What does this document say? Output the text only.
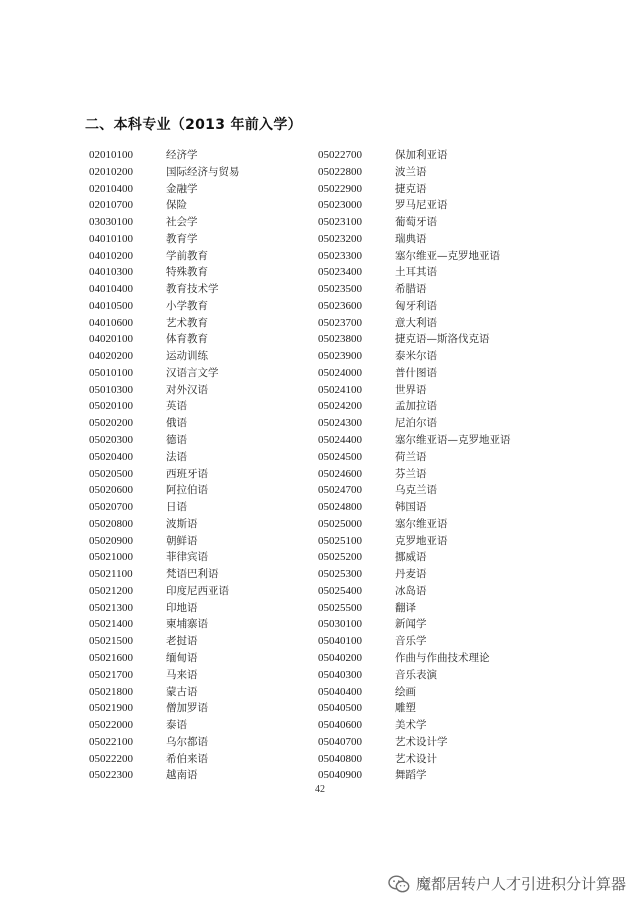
二、本科专业（2013 年前入学）
02010100	经济学
02010200	国际经济与贸易
02010400	金融学
02010700	保险
03030100	社会学
04010100	教育学
04010200	学前教育
04010300	特殊教育
04010400	教育技术学
04010500	小学教育
04010600	艺术教育
04020100	体育教育
04020200	运动训练
05010100	汉语言文学
05010300	对外汉语
05020100	英语
05020200	俄语
05020300	德语
05020400	法语
05020500	西班牙语
05020600	阿拉伯语
05020700	日语
05020800	波斯语
05020900	朝鲜语
05021000	菲律宾语
05021100	梵语巴利语
05021200	印度尼西亚语
05021300	印地语
05021400	柬埔寨语
05021500	老挝语
05021600	缅甸语
05021700	马来语
05021800	蒙古语
05021900	僧加罗语
05022000	泰语
05022100	乌尔都语
05022200	希伯来语
05022300	越南语
05022700	保加利亚语
05022800	波兰语
05022900	捷克语
05023000	罗马尼亚语
05023100	葡萄牙语
05023200	瑞典语
05023300	塞尔维亚—克罗地亚语
05023400	土耳其语
05023500	希腊语
05023600	匈牙利语
05023700	意大利语
05023800	捷克语—斯洛伐克语
05023900	泰米尔语
05024000	普什图语
05024100	世界语
05024200	孟加拉语
05024300	尼泊尔语
05024400	塞尔维亚语—克罗地亚语
05024500	荷兰语
05024600	芬兰语
05024700	乌克兰语
05024800	韩国语
05025000	塞尔维亚语
05025100	克罗地亚语
05025200	挪威语
05025300	丹麦语
05025400	冰岛语
05025500	翻译
05030100	新闻学
05040100	音乐学
05040200	作曲与作曲技术理论
05040300	音乐表演
05040400	绘画
05040500	雕塑
05040600	美术学
05040700	艺术设计学
05040800	艺术设计
05040900	舞蹈学
42
魔都居转户人才引进积分计算器
